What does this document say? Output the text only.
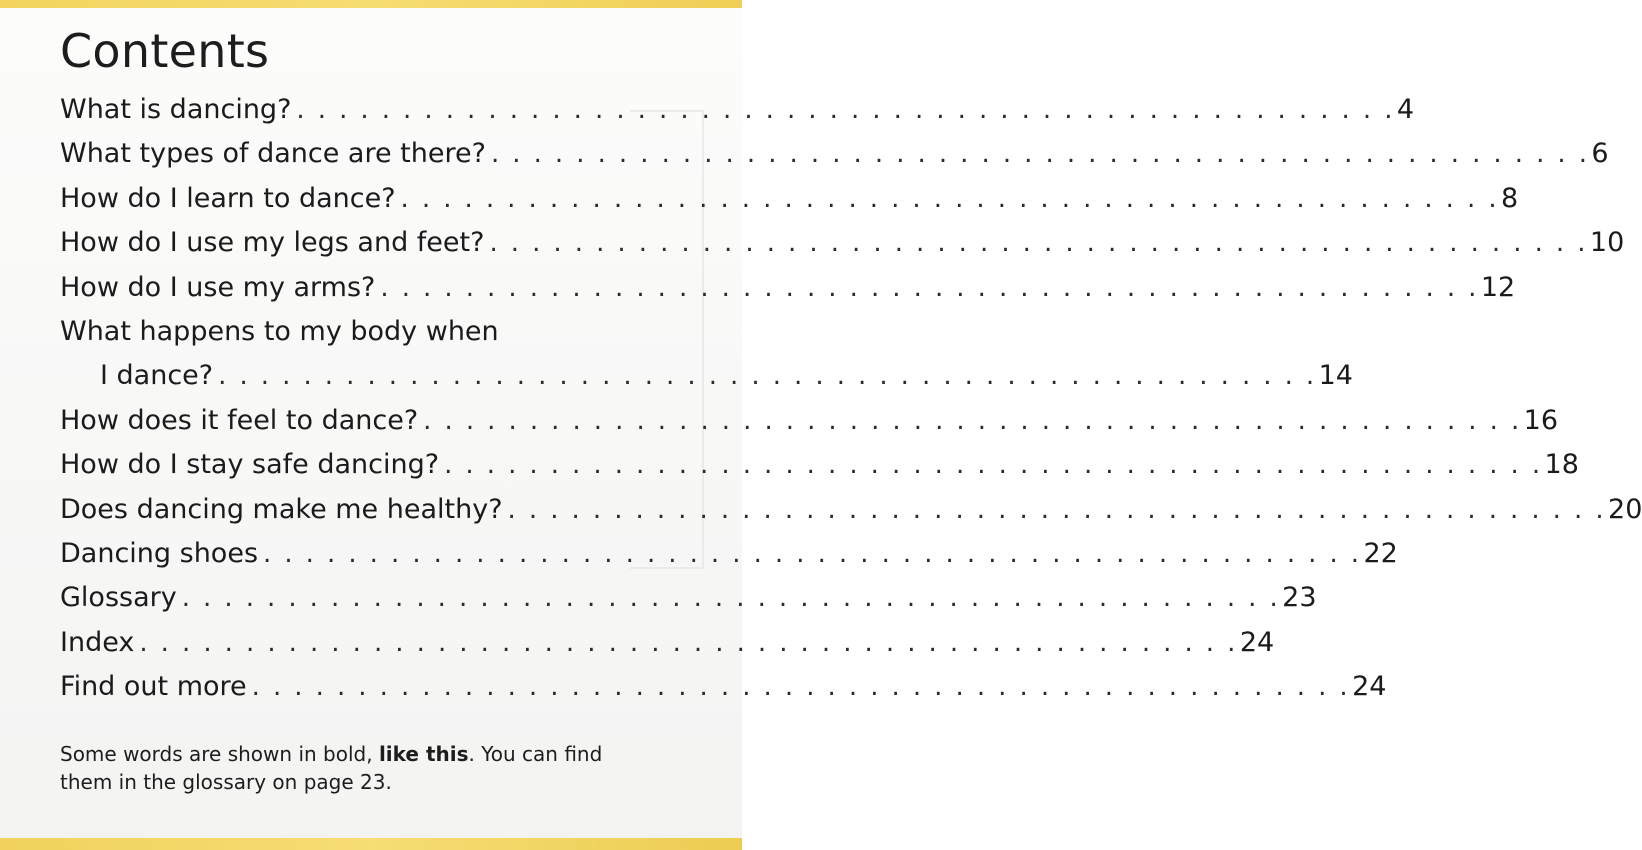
Contents
What is dancing? . . . . . . . . . . . . . . . . . . . . . . . . . . . . . . . . . . . . . . . . . . . . . . . . . . . . 4
What types of dance are there? . . . . . . . . . . . . . . . . . . . . . . . . . . . . . . . . . . . . . . . . . . . . . . . . . . . . 6
How do I learn to dance? . . . . . . . . . . . . . . . . . . . . . . . . . . . . . . . . . . . . . . . . . . . . . . . . . . . . 8
How do I use my legs and feet? . . . . . . . . . . . . . . . . . . . . . . . . . . . . . . . . . . . . . . . . . . . . . . . . . . . . 10
How do I use my arms? . . . . . . . . . . . . . . . . . . . . . . . . . . . . . . . . . . . . . . . . . . . . . . . . . . . . 12
What happens to my body when
I dance? . . . . . . . . . . . . . . . . . . . . . . . . . . . . . . . . . . . . . . . . . . . . . . . . . . . . 14
How does it feel to dance? . . . . . . . . . . . . . . . . . . . . . . . . . . . . . . . . . . . . . . . . . . . . . . . . . . . . 16
How do I stay safe dancing? . . . . . . . . . . . . . . . . . . . . . . . . . . . . . . . . . . . . . . . . . . . . . . . . . . . . 18
Does dancing make me healthy? . . . . . . . . . . . . . . . . . . . . . . . . . . . . . . . . . . . . . . . . . . . . . . . . . . . . 20
Dancing shoes . . . . . . . . . . . . . . . . . . . . . . . . . . . . . . . . . . . . . . . . . . . . . . . . . . . . 22
Glossary . . . . . . . . . . . . . . . . . . . . . . . . . . . . . . . . . . . . . . . . . . . . . . . . . . . . 23
Index . . . . . . . . . . . . . . . . . . . . . . . . . . . . . . . . . . . . . . . . . . . . . . . . . . . . 24
Find out more . . . . . . . . . . . . . . . . . . . . . . . . . . . . . . . . . . . . . . . . . . . . . . . . . . . . 24

Some words are shown in bold, like this. You can find them in the glossary on page 23.
